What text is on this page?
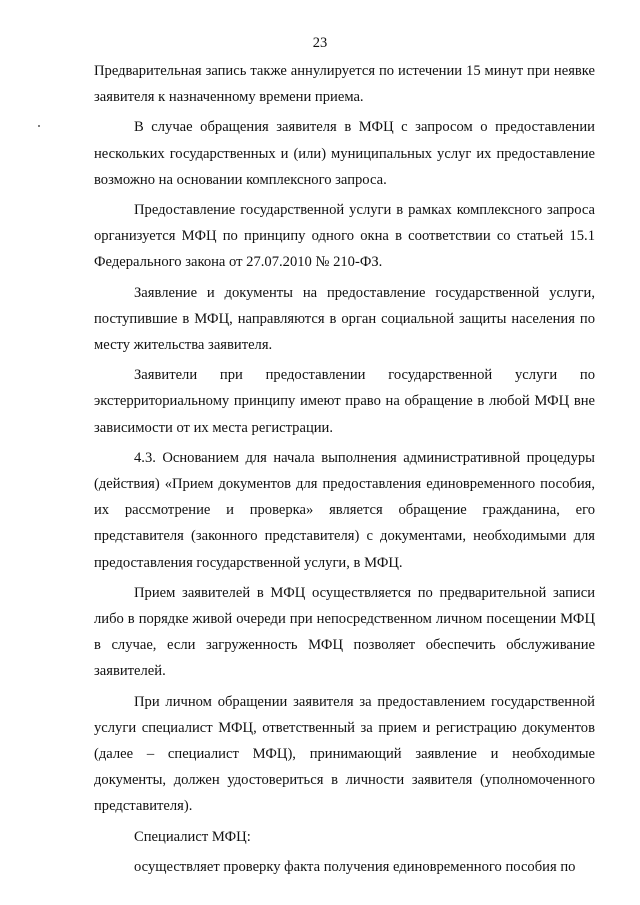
23

Предварительная запись также аннулируется по истечении 15 минут при неявке заявителя к назначенному времени приема.

В случае обращения заявителя в МФЦ с запросом о предоставлении нескольких государственных и (или) муниципальных услуг их предоставление возможно на основании комплексного запроса.

Предоставление государственной услуги в рамках комплексного запроса организуется МФЦ по принципу одного окна в соответствии со статьей 15.1 Федерального закона от 27.07.2010 № 210-ФЗ.

Заявление и документы на предоставление государственной услуги, поступившие в МФЦ, направляются в орган социальной защиты населения по месту жительства заявителя.

Заявители при предоставлении государственной услуги по экстерриториальному принципу имеют право на обращение в любой МФЦ вне зависимости от их места регистрации.

4.3. Основанием для начала выполнения административной процедуры (действия) «Прием документов для предоставления единовременного пособия, их рассмотрение и проверка» является обращение гражданина, его представителя (законного представителя) с документами, необходимыми для предоставления государственной услуги, в МФЦ.

Прием заявителей в МФЦ осуществляется по предварительной записи либо в порядке живой очереди при непосредственном личном посещении МФЦ в случае, если загруженность МФЦ позволяет обеспечить обслуживание заявителей.

При личном обращении заявителя за предоставлением государственной услуги специалист МФЦ, ответственный за прием и регистрацию документов (далее – специалист МФЦ), принимающий заявление и необходимые документы, должен удостовериться в личности заявителя (уполномоченного представителя).

Специалист МФЦ:

осуществляет проверку факта получения единовременного пособия по
